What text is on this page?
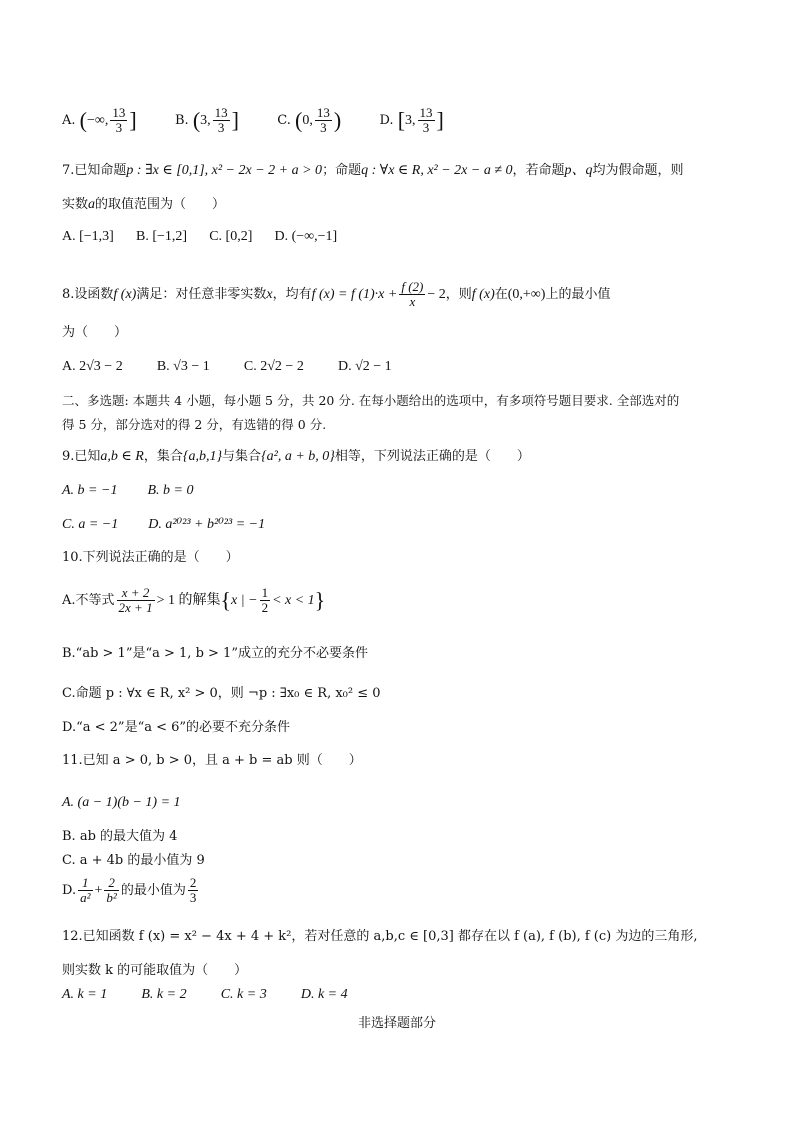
A. (−∞, $\frac{13}{3}$ ]	B. (3, $\frac{13}{3}$ ]	C. (0, $\frac{13}{3}$ )	D. [3, $\frac{13}{3}$ ]
7.已知命题p : ∃x ∈ [0,1], x² − 2x − 2 + a > 0；命题q : ∀x ∈ R, x² − 2x − a ≠ 0，若命题p、q均为假命题，则
实数a的取值范围为（　　）
A. [−1,3] B. [−1,2] C. [0,2] D. (−∞,−1]
8.设函数f (x)满足：对任意非零实数x，均有f (x) = f $(1)\cdot x + \frac{f (2)}{x} - 2$，则f (x)在(0,+∞)上的最小值
为（　　）
A. 2√3 − 2 B. √3 − 1 C. 2√2 − 2 D. √2 − 1
二、多选题: 本题共 4 小题，每小题 5 分，共 20 分. 在每小题给出的选项中，有多项符号题目要求. 全部选对的
得 5 分，部分选对的得 2 分，有选错的得 0 分.
9.已知a,b ∈ R，集合{a,b,1}与集合{a², a + b, 0}相等，下列说法正确的是（　　）
A. b = −1 B. b = 0
C. a = −1 D. a²⁰²³ + b²⁰²³ = −1
10.下列说法正确的是（　　）
A.不等式 $\frac{x + 2}{2x + 1} > 1$ 的解集{x | − $\frac{1}{2} < x < 1$}
B.“ab > 1”是“a > 1, b > 1”成立的充分不必要条件
C.命题 p : ∀x ∈ R, x² > 0，则 ¬p : ∃x₀ ∈ R, x₀² ≤ 0
D.“a < 2”是“a < 6”的必要不充分条件
11.已知 a > 0, b > 0，且 a + b = ab 则（　　）
A. (a − 1)(b − 1) = 1
B. ab 的最大值为 4
C. a + 4b 的最小值为 9
D. $\frac{1}{\text{a²}} + \frac{2}{\text{b²}}$ 的最小值为 $\frac{2}{3}$
12.已知函数 f (x) = x² − 4x + 4 + k²，若对任意的 a,b,c ∈ [0,3] 都存在以 f (a), f (b), f (c) 为边的三角形,
则实数 k 的可能取值为（　　）
A. k = 1 B. k = 2 C. k = 3 D. k = 4
非选择题部分
